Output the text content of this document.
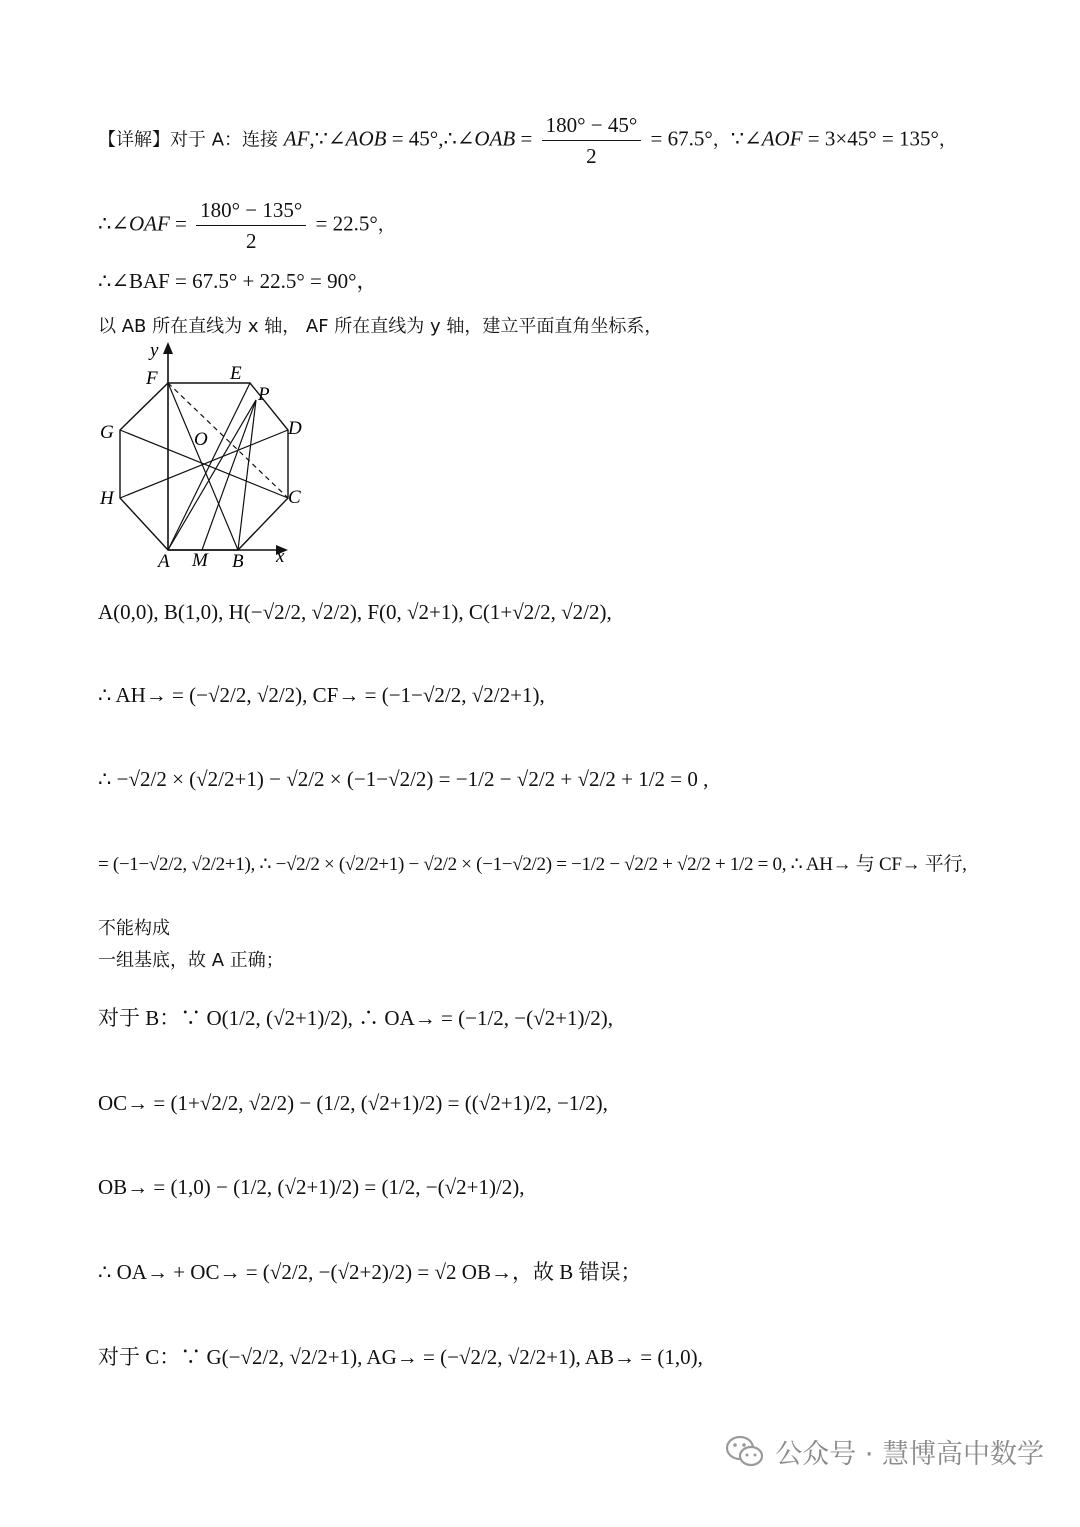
【详解】对于 A：连接 AF,∵∠AOB = 45°,∴∠OAB = $\frac{180^\circ - 45^\circ}{2} = 67.5^\circ$，∵∠AOF = 3×45° = 135°，
∴∠OAF = $\frac{180^\circ - 135^\circ}{2} = 22.5^\circ$，
∴∠BAF = 67.5° + 22.5° = 90°，
以 AB 所在直线为 x 轴， AF 所在直线为 y 轴，建立平面直角坐标系，
y
F	E
P
G	O
D
H	C
A M B x
A(0,0), B(1,0), H(−√2/2, √2/2), F(0, √2+1), C(1+√2/2, √2/2),
∴ AH→ = (−√2/2, √2/2), CF→ = (−1−√2/2, √2/2+1),
∴ −√2/2 × (√2/2+1) − √2/2 × (−1−√2/2) = −1/2 − √2/2 + √2/2 + 1/2 = 0 ,
= (−1−√2/2, √2/2+1), ∴ −√2/2 × (√2/2+1) − √2/2 × (−1−√2/2) = −1/2 − √2/2 + √2/2 + 1/2 = 0, ∴ AH→ 与 CF→ 平行,
不能构成
一组基底，故 A 正确；
对于 B：∵ O(1/2, (√2+1)/2), ∴ OA→ = (−1/2, −(√2+1)/2),
OC→ = (1+√2/2, √2/2) − (1/2, (√2+1)/2) = ((√2+1)/2, −1/2),
OB→ = (1,0) − (1/2, (√2+1)/2) = (1/2, −(√2+1)/2),
∴ OA→ + OC→ = (√2/2, −(√2+2)/2) = √2 OB→，故 B 错误；
对于 C：∵ G(−√2/2, √2/2+1), AG→ = (−√2/2, √2/2+1), AB→ = (1,0),
公众号 · 慧博高中数学
